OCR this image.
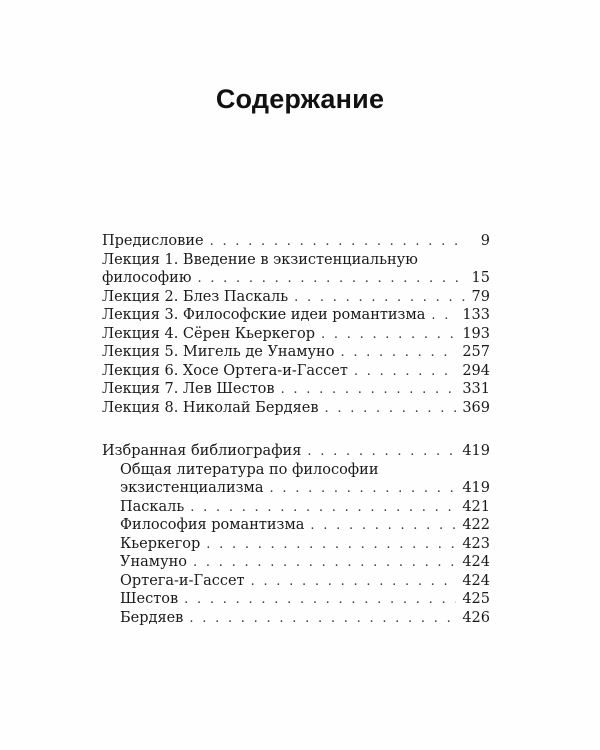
Содержание
Предисловие . . .	9
Лекция 1. Введение в экзистенциальную
философию . . .	15
Лекция 2. Блез Паскаль . . .	79
Лекция 3. Философские идеи романтизма . . .	133
Лекция 4. Сёрен Кьеркегор . . .	193
Лекция 5. Мигель де Унамуно . . .	257
Лекция 6. Хосе Ортега-и-Гассет . . .	294
Лекция 7. Лев Шестов . . .	331
Лекция 8. Николай Бердяев . . .	369
Избранная библиография . . .	419
Общая литература по философии
экзистенциализма . . .	419
Паскаль . . .	421
Философия романтизма . . .	422
Кьеркегор . . .	423
Унамуно . . .	424
Ортега-и-Гассет . . .	424
Шестов . . .	425
Бердяев . . .	426
